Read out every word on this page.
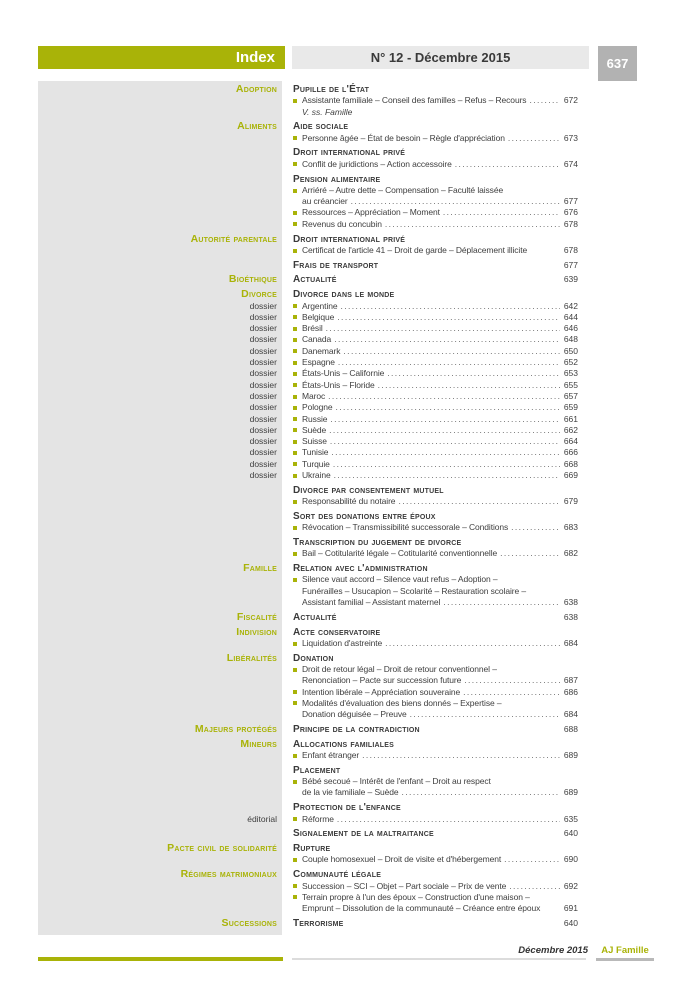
Index	N° 12 - Décembre 2015	637
Adoption	Pupille de l'État
Assistante familiale – Conseil des familles – Refus – Recours .....	672
V. ss. Famille
Aliments	Aide sociale
Personne âgée – État de besoin – Règle d'appréciation .....	673
Droit international privé
Conflit de juridictions – Action accessoire .....	674
Pension alimentaire
Arriéré – Autre dette – Compensation – Faculté laissée
au créancier .....	677
Ressources – Appréciation – Moment .....	676
Revenus du concubin .....	678
Autorité parentale	Droit international privé
Certificat de l'article 41 – Droit de garde – Déplacement illicite	678
Frais de transport	677
Bioéthique	Actualité	639
Divorce	Divorce dans le monde
dossier	Argentine .....	642
dossier	Belgique .....	644
dossier	Brésil .....	646
dossier	Canada .....	648
dossier	Danemark .....	650
dossier	Espagne .....	652
dossier	États-Unis – Californie .....	653
dossier	États-Unis – Floride .....	655
dossier	Maroc .....	657
dossier	Pologne .....	659
dossier	Russie .....	661
dossier	Suède .....	662
dossier	Suisse .....	664
dossier	Tunisie .....	666
dossier	Turquie .....	668
dossier	Ukraine .....	669
Divorce par consentement mutuel
Responsabilité du notaire .....	679
Sort des donations entre époux
Révocation – Transmissibilité successorale – Conditions .....	683
Transcription du jugement de divorce
Bail – Cotitularité légale – Cotitularité conventionnelle .....	682
Famille	Relation avec l'administration
Silence vaut accord – Silence vaut refus – Adoption –
Funérailles – Usucapion – Scolarité – Restauration scolaire –
Assistant familial – Assistant maternel .....	638
Fiscalité	Actualité	638
Indivision	Acte conservatoire
Liquidation d'astreinte .....	684
Libéralités	Donation
Droit de retour légal – Droit de retour conventionnel –
Renonciation – Pacte sur succession future .....	687
Intention libérale – Appréciation souveraine .....	686
Modalités d'évaluation des biens donnés – Expertise –
Donation déguisée – Preuve .....	684
Majeurs protégés	Principe de la contradiction	688
Mineurs	Allocations familiales
Enfant étranger .....	689
Placement
Bébé secoué – Intérêt de l'enfant – Droit au respect
de la vie familiale – Suède .....	689
Protection de l'enfance
éditorial	Réforme .....	635
Signalement de la maltraitance	640
Pacte civil de solidarité	Rupture
Couple homosexuel – Droit de visite et d'hébergement .....	690
Régimes matrimoniaux	Communauté légale
Succession – SCI – Objet – Part sociale – Prix de vente .....	692
Terrain propre à l'un des époux – Construction d'une maison –
Emprunt – Dissolution de la communauté – Créance entre époux	691
Successions	Terrorisme	640
Décembre 2015	AJ Famille
